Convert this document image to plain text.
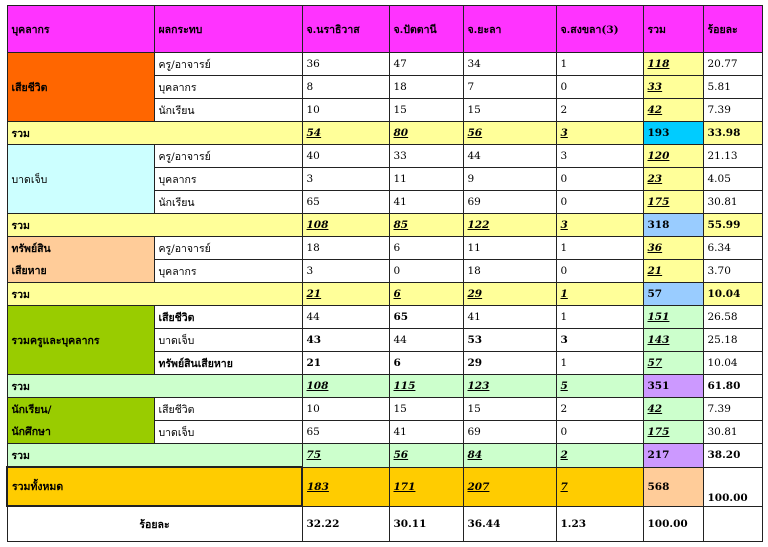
บุคลากร	ผลกระทบ	จ.นราธิวาส	จ.ปัตตานี	จ.ยะลา	จ.สงขลา(3)	รวม	ร้อยละ
เสียชีวิต	ครู/อาจารย์	36	47	34	1	118	20.77
	บุคลากร	8	18	7	0	33	5.81
	นักเรียน	10	15	15	2	42	7.39
รวม		54	80	56	3	193	33.98
บาดเจ็บ	ครู/อาจารย์	40	33	44	3	120	21.13
	บุคลากร	3	11	9	0	23	4.05
	นักเรียน	65	41	69	0	175	30.81
รวม		108	85	122	3	318	55.99
ทรัพย์สิน	ครู/อาจารย์	18	6	11	1	36	6.34
เสียหาย	บุคลากร	3	0	18	0	21	3.70
รวม		21	6	29	1	57	10.04
รวมครูและบุคลากร	เสียชีวิต	44	65	41	1	151	26.58
	บาดเจ็บ	43	44	53	3	143	25.18
	ทรัพย์สินเสียหาย	21	6	29	1	57	10.04
รวม		108	115	123	5	351	61.80
นักเรียน/	เสียชีวิต	10	15	15	2	42	7.39
นักศึกษา	บาดเจ็บ	65	41	69	0	175	30.81
รวม		75	56	84	2	217	38.20
รวมทั้งหมด		183	171	207	7	568	100.00
ร้อยละ		32.22	30.11	36.44	1.23	100.00	
